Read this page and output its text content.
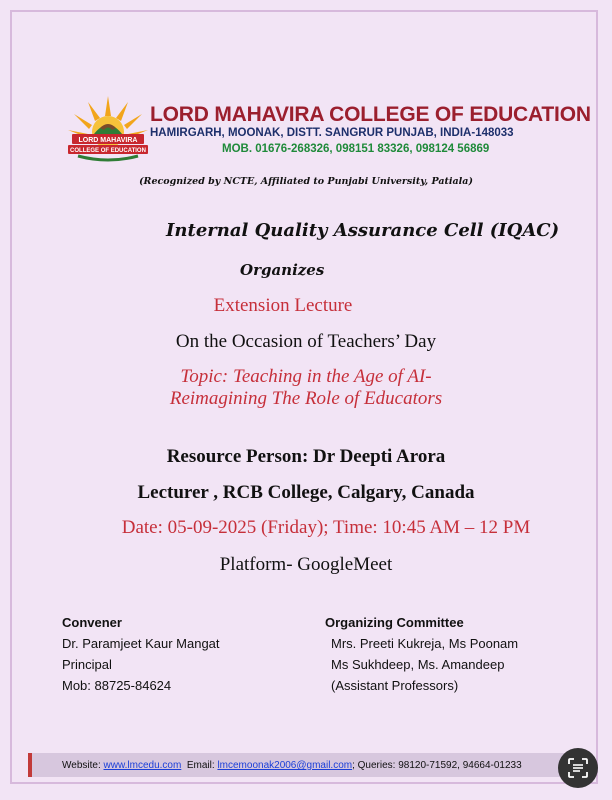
LORD MAHAVIRA
COLLEGE OF EDUCATION
LORD MAHAVIRA COLLEGE OF EDUCATION
HAMIRGARH, MOONAK, DISTT. SANGRUR PUNJAB, INDIA-148033
MOB. 01676-268326, 098151 83326, 098124 56869
(Recognized by NCTE, Affiliated to Punjabi University, Patiala)
Internal Quality Assurance Cell (IQAC)
Organizes
Extension Lecture
On the Occasion of Teachers’ Day
Topic: Teaching in the Age of AI-
Reimagining The Role of Educators
Resource Person: Dr Deepti Arora
Lecturer , RCB College, Calgary, Canada
Date: 05-09-2025 (Friday); Time: 10:45 AM – 12 PM
Platform- GoogleMeet
Convener
Dr. Paramjeet Kaur Mangat
Principal
Mob: 88725-84624
Organizing Committee
Mrs. Preeti Kukreja, Ms Poonam
Ms Sukhdeep, Ms. Amandeep
(Assistant Professors)
Website: www.lmcedu.com Email: lmcemoonak2006@gmail.com; Queries: 98120-71592, 94664-01233
